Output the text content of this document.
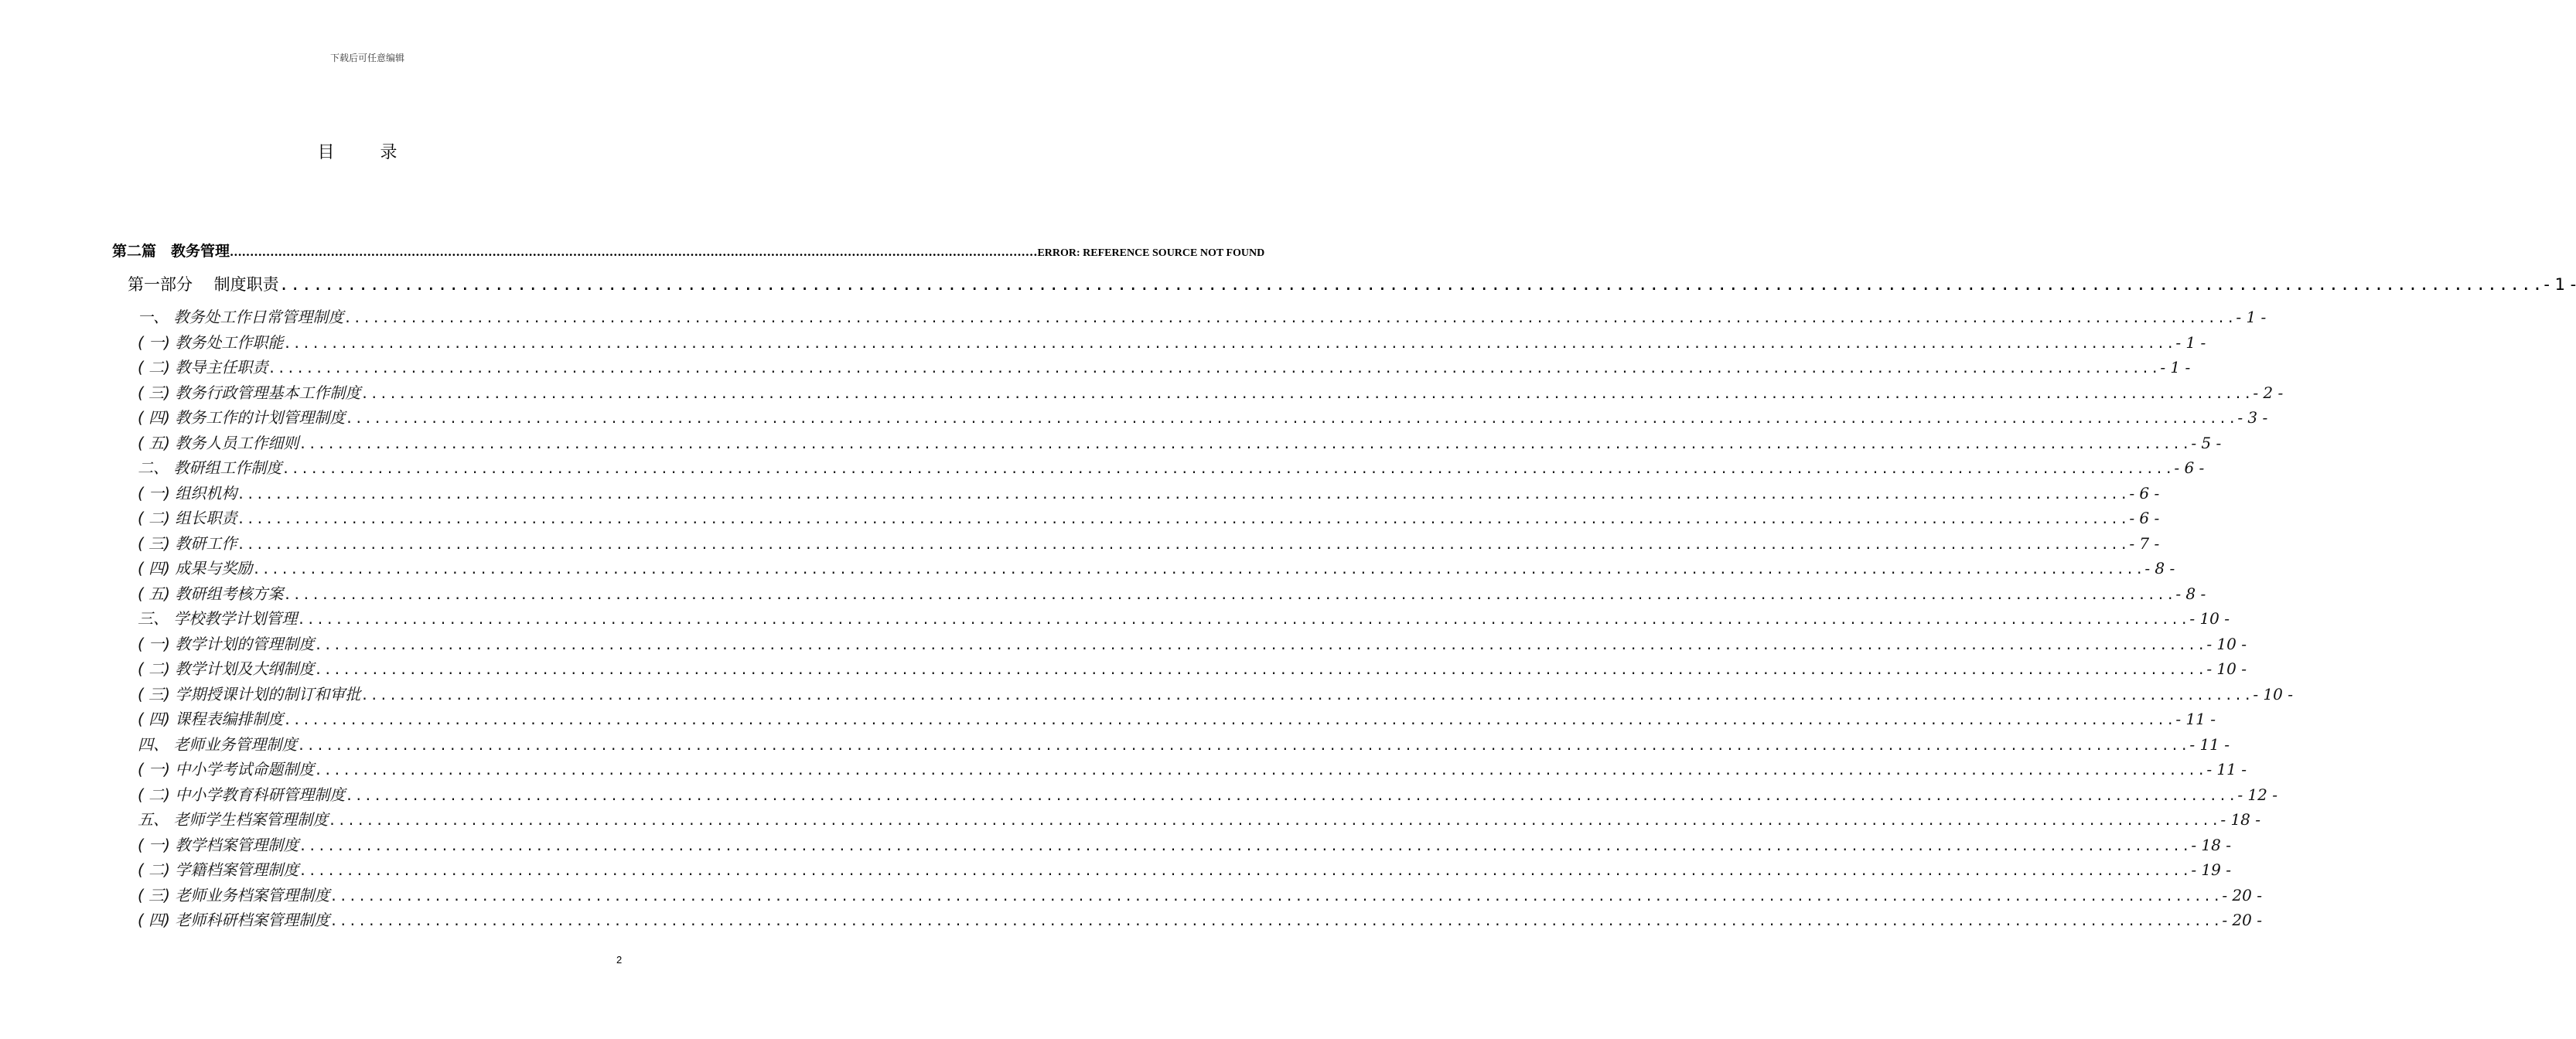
下载后可任意编辑
目 录
第二篇　教务管理 ........................................................................................................................................................................................................ ERROR: REFERENCE SOURCE NOT FOUND
第一部分　 制度职责 ........................................................................................................................................................................................................ - 1 -
一、 教务处工作日常管理制度 ........................................................................................................................................................................................................ - 1 -
( 一) 教务处工作职能 ........................................................................................................................................................................................................ - 1 -
( 二) 教导主任职责 ........................................................................................................................................................................................................ - 1 -
( 三) 教务行政管理基本工作制度 ........................................................................................................................................................................................................ - 2 -
( 四) 教务工作的计划管理制度 ........................................................................................................................................................................................................ - 3 -
( 五) 教务人员工作细则 ........................................................................................................................................................................................................ - 5 -
二、 教研组工作制度 ........................................................................................................................................................................................................ - 6 -
( 一) 组织机构 ........................................................................................................................................................................................................ - 6 -
( 二) 组长职责 ........................................................................................................................................................................................................ - 6 -
( 三) 教研工作 ........................................................................................................................................................................................................ - 7 -
( 四) 成果与奖励 ........................................................................................................................................................................................................ - 8 -
( 五) 教研组考核方案 ........................................................................................................................................................................................................ - 8 -
三、 学校教学计划管理 ........................................................................................................................................................................................................ - 10 -
( 一) 教学计划的管理制度 ........................................................................................................................................................................................................ - 10 -
( 二) 教学计划及大纲制度 ........................................................................................................................................................................................................ - 10 -
( 三) 学期授课计划的制订和审批 ........................................................................................................................................................................................................ - 10 -
( 四) 课程表编排制度 ........................................................................................................................................................................................................ - 11 -
四、 老师业务管理制度 ........................................................................................................................................................................................................ - 11 -
( 一) 中小学考试命题制度 ........................................................................................................................................................................................................ - 11 -
( 二) 中小学教育科研管理制度 ........................................................................................................................................................................................................ - 12 -
五、 老师学生档案管理制度 ........................................................................................................................................................................................................ - 18 -
( 一) 教学档案管理制度 ........................................................................................................................................................................................................ - 18 -
( 二) 学籍档案管理制度 ........................................................................................................................................................................................................ - 19 -
( 三) 老师业务档案管理制度 ........................................................................................................................................................................................................ - 20 -
( 四) 老师科研档案管理制度 ........................................................................................................................................................................................................ - 20 -
2
